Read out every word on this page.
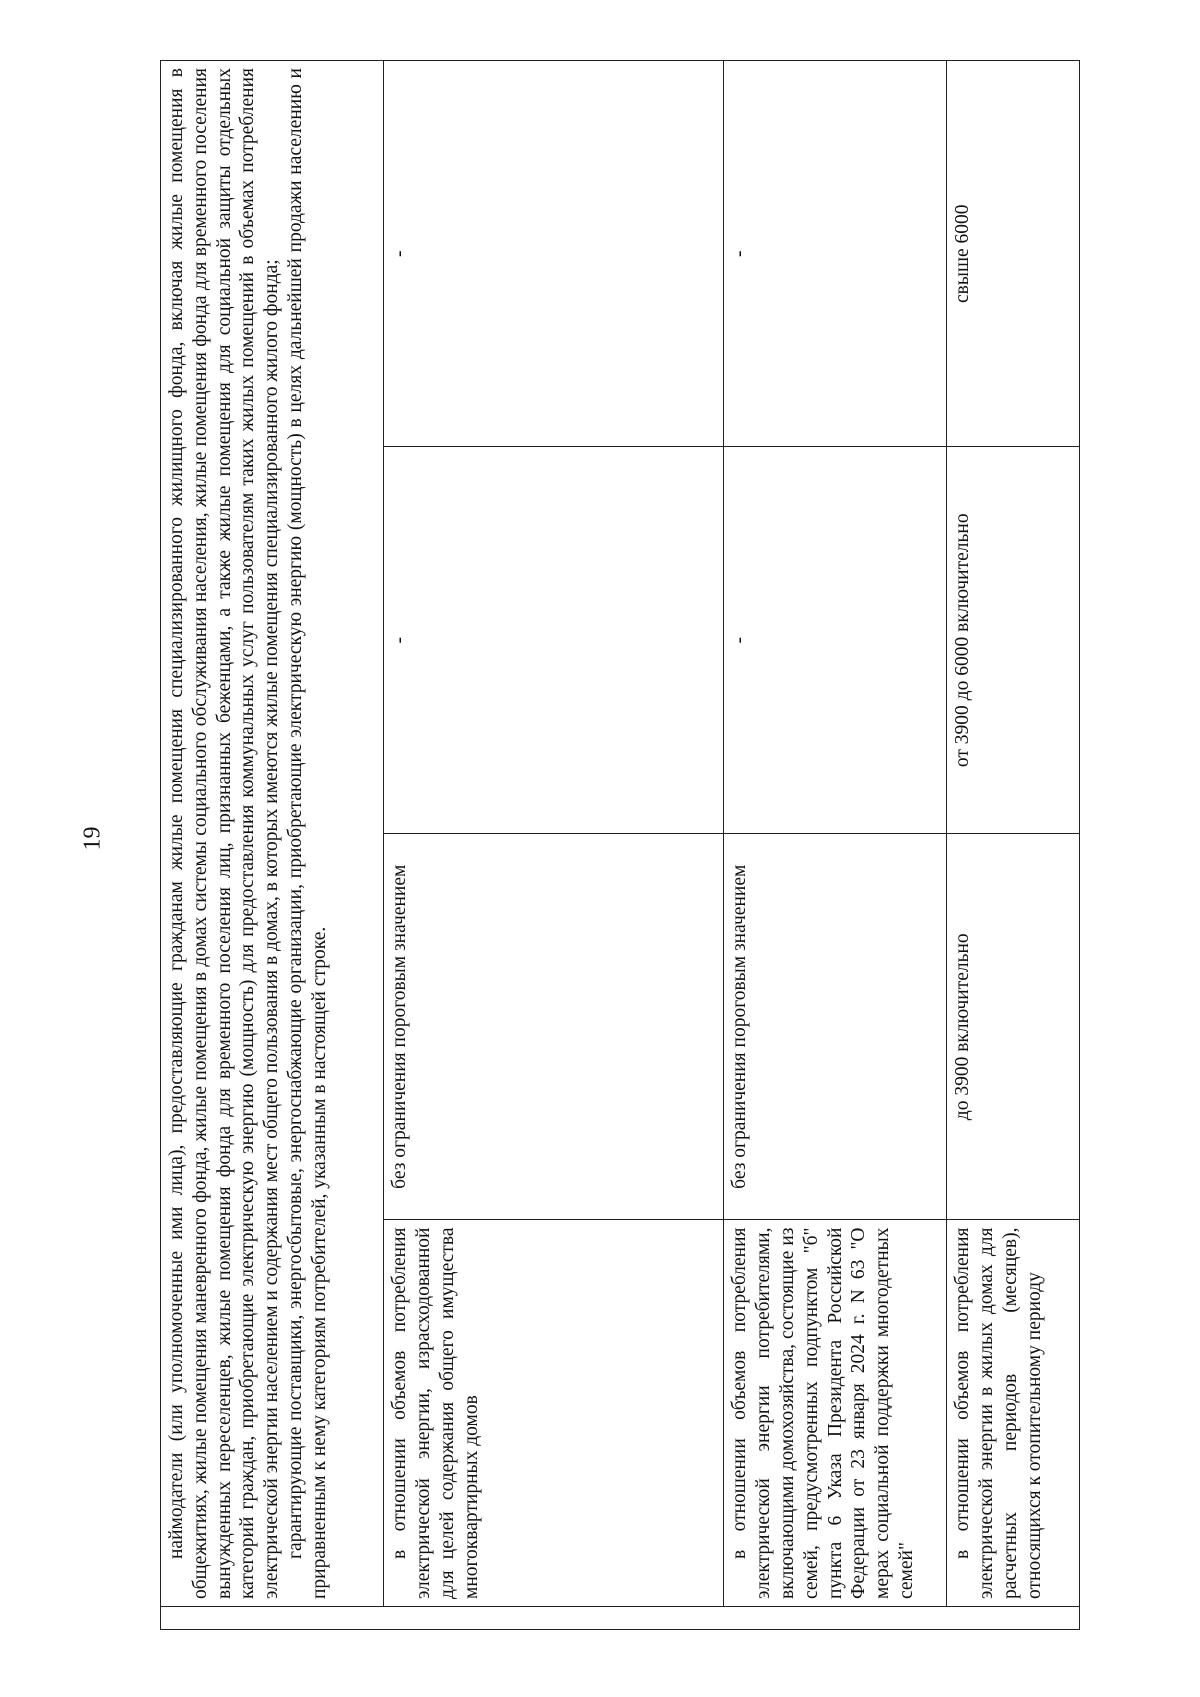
19

	наймодатели (или уполномоченные ими лица), предоставляющие гражданам жилые помещения специализированного жилищного фонда, включая жилые помещения в общежитиях, жилые помещения маневренного фонда, жилые помещения в домах системы социального обслуживания населения, жилые помещения фонда для временного поселения вынужденных переселенцев, жилые помещения фонда для временного поселения лиц, признанных беженцами, а также жилые помещения для социальной защиты отдельных категорий граждан, приобретающие электрическую энергию (мощность) для предоставления коммунальных услуг пользователям таких жилых помещений в объемах потребления электрической энергии населением и содержания мест общего пользования в домах, в которых имеются жилые помещения специализированного жилого фонда; гарантирующие поставщики, энергосбытовые, энергоснабжающие организации, приобретающие электрическую энергию (мощность) в целях дальнейшей продажи населению и приравненным к нему категориям потребителей, указанным в настоящей строке.			

	в отношении объемов потребления электрической энергии, израсходованной для целей содержания общего имущества многоквартирных домов	без ограничения пороговым значением	-	-
	в отношении объемов потребления электрической энергии потребителями, включающими домохозяйства, состоящие из семей, предусмотренных подпунктом "б" пункта 6 Указа Президента Российской Федерации от 23 января 2024 г. N 63 "О мерах социальной поддержки многодетных семей"	без ограничения пороговым значением	-	-
	в отношении объемов потребления электрической энергии в жилых домах для расчетных периодов (месяцев), относящихся к отопительному периоду	до 3900 включительно	от 3900 до 6000 включительно	свыше 6000
